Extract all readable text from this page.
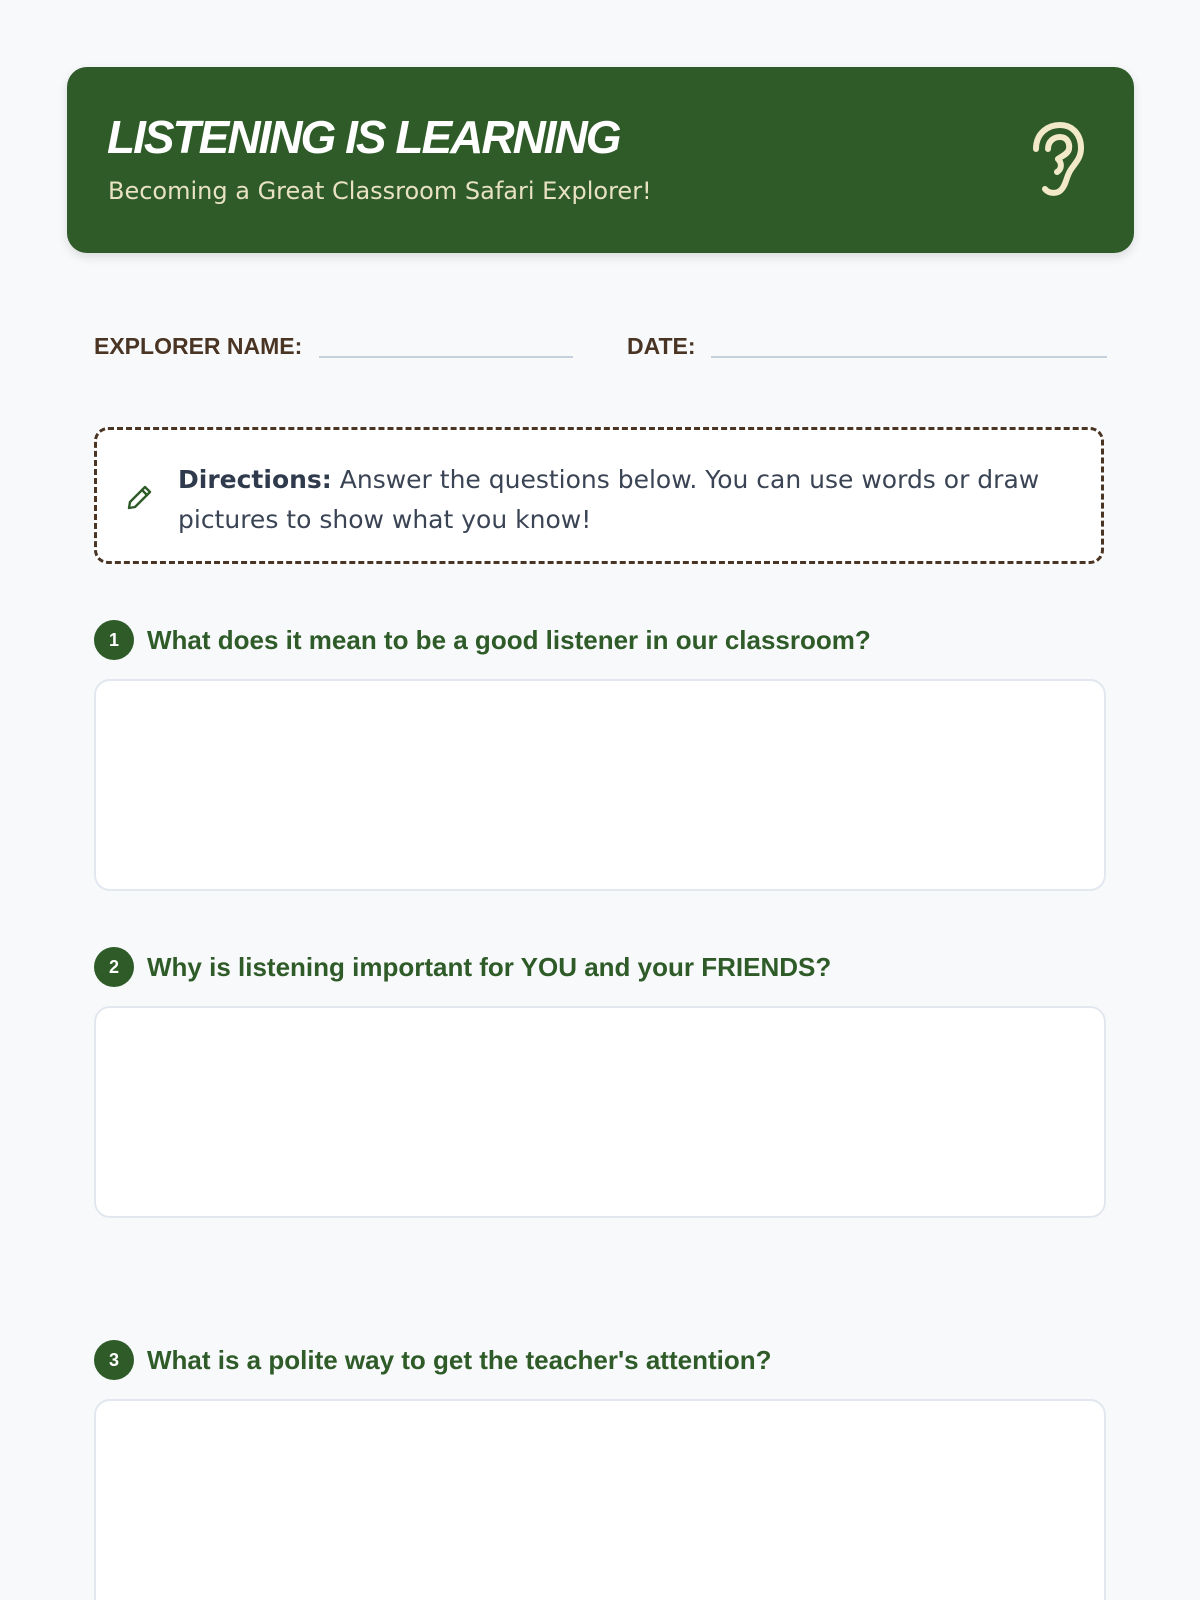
LISTENING IS LEARNING
Becoming a Great Classroom Safari Explorer!
EXPLORER NAME:	DATE:
Directions: Answer the questions below. You can use words or draw pictures to show what you know!
1	What does it mean to be a good listener in our classroom?
2	Why is listening important for YOU and your FRIENDS?
3	What is a polite way to get the teacher's attention?
